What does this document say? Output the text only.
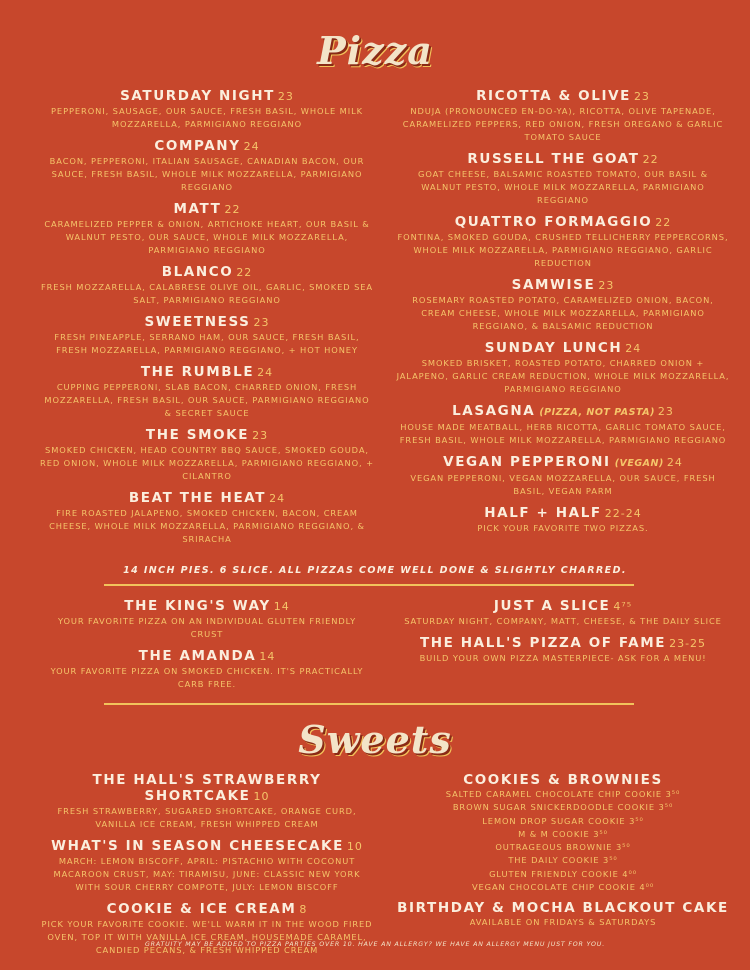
Pizza
SATURDAY NIGHT 23
PEPPERONI, SAUSAGE, OUR SAUCE, FRESH BASIL, WHOLE MILK MOZZARELLA, PARMIGIANO REGGIANO
COMPANY 24
BACON, PEPPERONI, ITALIAN SAUSAGE, CANADIAN BACON, OUR SAUCE, FRESH BASIL, WHOLE MILK MOZZARELLA, PARMIGIANO REGGIANO
MATT 22
CARAMELIZED PEPPER & ONION, ARTICHOKE HEART, OUR BASIL & WALNUT PESTO, OUR SAUCE, WHOLE MILK MOZZARELLA, PARMIGIANO REGGIANO
BLANCO 22
FRESH MOZZARELLA, CALABRESE OLIVE OIL, GARLIC, SMOKED SEA SALT, PARMIGIANO REGGIANO
SWEETNESS 23
FRESH PINEAPPLE, SERRANO HAM, OUR SAUCE, FRESH BASIL, FRESH MOZZARELLA, PARMIGIANO REGGIANO, + HOT HONEY
THE RUMBLE 24
CUPPING PEPPERONI, SLAB BACON, CHARRED ONION, FRESH MOZZARELLA, FRESH BASIL, OUR SAUCE, PARMIGIANO REGGIANO & SECRET SAUCE
THE SMOKE 23
SMOKED CHICKEN, HEAD COUNTRY BBQ SAUCE, SMOKED GOUDA, RED ONION, WHOLE MILK MOZZARELLA, PARMIGIANO REGGIANO, + CILANTRO
BEAT THE HEAT 24
FIRE ROASTED JALAPENO, SMOKED CHICKEN, BACON, CREAM CHEESE, WHOLE MILK MOZZARELLA, PARMIGIANO REGGIANO, & SRIRACHA
RICOTTA & OLIVE 23
NDUJA (PRONOUNCED EN-DO-YA), RICOTTA, OLIVE TAPENADE, CARAMELIZED PEPPERS, RED ONION, FRESH OREGANO & GARLIC TOMATO SAUCE
RUSSELL THE GOAT 22
GOAT CHEESE, BALSAMIC ROASTED TOMATO, OUR BASIL & WALNUT PESTO, WHOLE MILK MOZZARELLA, PARMIGIANO REGGIANO
QUATTRO FORMAGGIO 22
FONTINA, SMOKED GOUDA, CRUSHED TELLICHERRY PEPPERCORNS, WHOLE MILK MOZZARELLA, PARMIGIANO REGGIANO, GARLIC REDUCTION
SAMWISE 23
ROSEMARY ROASTED POTATO, CARAMELIZED ONION, BACON, CREAM CHEESE, WHOLE MILK MOZZARELLA, PARMIGIANO REGGIANO, & BALSAMIC REDUCTION
SUNDAY LUNCH 24
SMOKED BRISKET, ROASTED POTATO, CHARRED ONION + JALAPENO, GARLIC CREAM REDUCTION, WHOLE MILK MOZZARELLA, PARMIGIANO REGGIANO
LASAGNA (PIZZA, NOT PASTA) 23
HOUSE MADE MEATBALL, HERB RICOTTA, GARLIC TOMATO SAUCE, FRESH BASIL, WHOLE MILK MOZZARELLA, PARMIGIANO REGGIANO
VEGAN PEPPERONI (VEGAN) 24
VEGAN PEPPERONI, VEGAN MOZZARELLA, OUR SAUCE, FRESH BASIL, VEGAN PARM
HALF + HALF 22-24
PICK YOUR FAVORITE TWO PIZZAS.
14 INCH PIES. 6 SLICE. ALL PIZZAS COME WELL DONE & SLIGHTLY CHARRED.
THE KING'S WAY 14
YOUR FAVORITE PIZZA ON AN INDIVIDUAL GLUTEN FRIENDLY CRUST
THE AMANDA 14
YOUR FAVORITE PIZZA ON SMOKED CHICKEN. IT'S PRACTICALLY CARB FREE.
JUST A SLICE 4⁷⁵
SATURDAY NIGHT, COMPANY, MATT, CHEESE, & THE DAILY SLICE
THE HALL'S PIZZA OF FAME 23-25
BUILD YOUR OWN PIZZA MASTERPIECE- ASK FOR A MENU!
Sweets
THE HALL'S STRAWBERRY SHORTCAKE 10
FRESH STRAWBERRY, SUGARED SHORTCAKE, ORANGE CURD, VANILLA ICE CREAM, FRESH WHIPPED CREAM
WHAT'S IN SEASON CHEESECAKE 10
MARCH: LEMON BISCOFF, APRIL: PISTACHIO WITH COCONUT MACAROON CRUST, MAY: TIRAMISU, JUNE: CLASSIC NEW YORK WITH SOUR CHERRY COMPOTE, JULY: LEMON BISCOFF
COOKIE & ICE CREAM 8
PICK YOUR FAVORITE COOKIE. WE'LL WARM IT IN THE WOOD FIRED OVEN, TOP IT WITH VANILLA ICE CREAM, HOUSEMADE CARAMEL, CANDIED PECANS, & FRESH WHIPPED CREAM
COOKIES & BROWNIES
SALTED CARAMEL CHOCOLATE CHIP COOKIE 3⁵⁰
BROWN SUGAR SNICKERDOODLE COOKIE 3⁵⁰
LEMON DROP SUGAR COOKIE 3⁵⁰
M & M COOKIE 3⁵⁰
OUTRAGEOUS BROWNIE 3⁵⁰
THE DAILY COOKIE 3⁵⁰
GLUTEN FRIENDLY COOKIE 4⁰⁰
VEGAN CHOCOLATE CHIP COOKIE 4⁰⁰
BIRTHDAY & MOCHA BLACKOUT CAKE
AVAILABLE ON FRIDAYS & SATURDAYS
GRATUITY MAY BE ADDED TO PIZZA PARTIES OVER 10. HAVE AN ALLERGY? WE HAVE AN ALLERGY MENU JUST FOR YOU.
